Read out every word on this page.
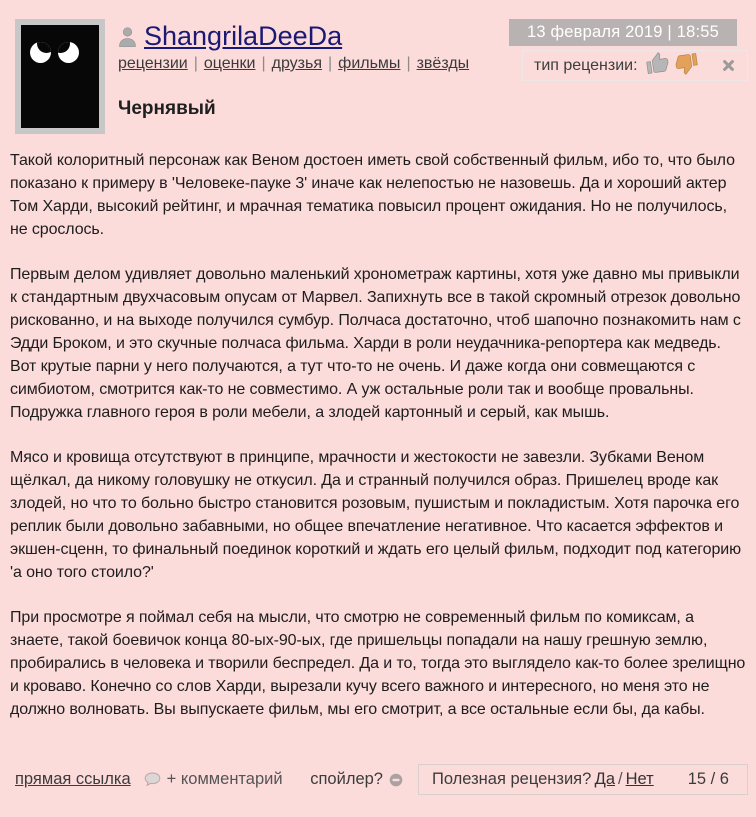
ShangrilaDeeDa
рецензии | оценки | друзья | фильмы | звёзды
Чернявый
13 февраля 2019 | 18:55
тип рецензии:

Такой колоритный персонаж как Веном достоен иметь свой собственный фильм, ибо то, что было показано к примеру в 'Человеке-пауке 3' иначе как нелепостью не назовешь. Да и хороший актер Том Харди, высокий рейтинг, и мрачная тематика повысил процент ожидания. Но не получилось, не срослось.

Первым делом удивляет довольно маленький хронометраж картины, хотя уже давно мы привыкли к стандартным двухчасовым опусам от Марвел. Запихнуть все в такой скромный отрезок довольно рискованно, и на выходе получился сумбур. Полчаса достаточно, чтоб шапочно познакомить нам с Эдди Броком, и это скучные полчаса фильма. Харди в роли неудачника-репортера как медведь. Вот крутые парни у него получаются, а тут что-то не очень. И даже когда они совмещаются с симбиотом, смотрится как-то не совместимо. А уж остальные роли так и вообще провальны. Подружка главного героя в роли мебели, а злодей картонный и серый, как мышь.

Мясо и кровища отсутствуют в принципе, мрачности и жестокости не завезли. Зубками Веном щёлкал, да никому головушку не откусил. Да и странный получился образ. Пришелец вроде как злодей, но что то больно быстро становится розовым, пушистым и покладистым. Хотя парочка его реплик были довольно забавными, но общее впечатление негативное. Что касается эффектов и экшен-сценн, то финальный поединок короткий и ждать его целый фильм, подходит под категорию 'а оно того стоило?'

При просмотре я поймал себя на мысли, что смотрю не современный фильм по комиксам, а знаете, такой боевичок конца 80-ых-90-ых, где пришельцы попадали на нашу грешную землю, пробирались в человека и творили беспредел. Да и то, тогда это выглядело как-то более зрелищно и кроваво. Конечно со слов Харди, вырезали кучу всего важного и интересного, но меня это не должно волновать. Вы выпускаете фильм, мы его смотрит, а все остальные если бы, да кабы.

прямая ссылка + комментарий спойлер?	Полезная рецензия? Да / Нет 15 / 6
